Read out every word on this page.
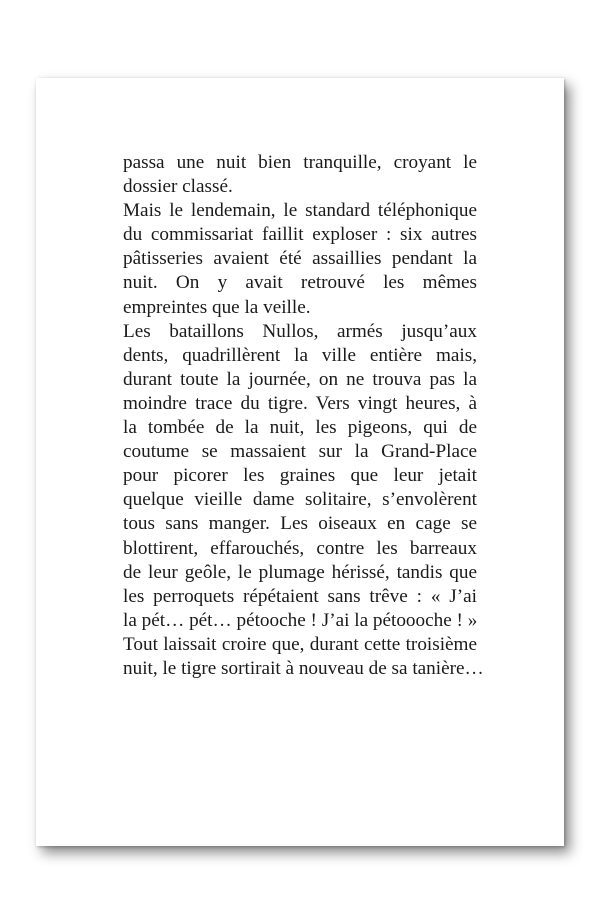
passa une nuit bien tranquille, croyant le
dossier classé.
Mais le lendemain, le standard téléphonique
du commissariat faillit exploser : six autres
pâtisseries avaient été assaillies pendant la
nuit. On y avait retrouvé les mêmes
empreintes que la veille.
Les bataillons Nullos, armés jusqu’aux
dents, quadrillèrent la ville entière mais,
durant toute la journée, on ne trouva pas la
moindre trace du tigre. Vers vingt heures, à
la tombée de la nuit, les pigeons, qui de
coutume se massaient sur la Grand-Place
pour picorer les graines que leur jetait
quelque vieille dame solitaire, s’envolèrent
tous sans manger. Les oiseaux en cage se
blottirent, effarouchés, contre les barreaux
de leur geôle, le plumage hérissé, tandis que
les perroquets répétaient sans trêve : « J’ai
la pét… pét… pétooche ! J’ai la pétoooche ! »
Tout laissait croire que, durant cette troisième
nuit, le tigre sortirait à nouveau de sa tanière…
